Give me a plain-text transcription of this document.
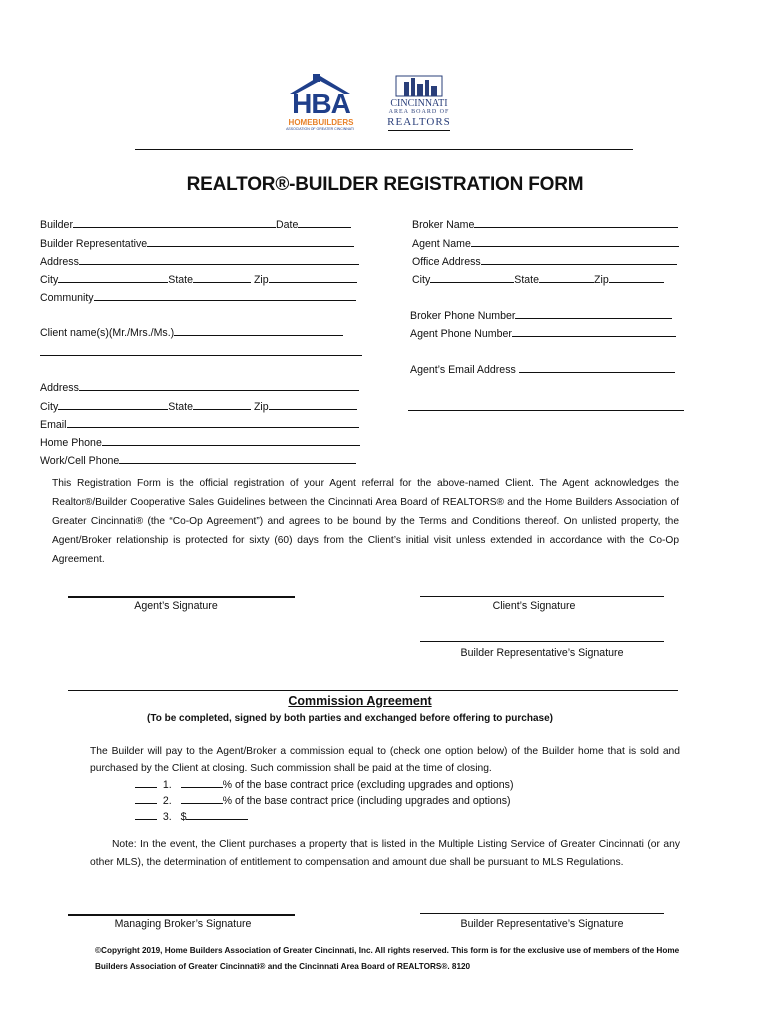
HBA
HOMEBUILDERS
ASSOCIATION OF GREATER CINCINNATI
CINCINNATI
AREA BOARD OF
REALTORS
REALTOR®-BUILDER REGISTRATION FORM
Builder	Date
Builder Representative
Address
City	State	Zip
Community
Client name(s)(Mr./Mrs./Ms.)
Address
City	State	Zip
Email
Home Phone
Work/Cell Phone
Broker Name
Agent Name
Office Address
City	State	Zip
Broker Phone Number
Agent Phone Number
Agent’s Email Address
This Registration Form is the official registration of your Agent referral for the above-named Client. The Agent acknowledges the Realtor®/Builder Cooperative Sales Guidelines between the Cincinnati Area Board of REALTORS® and the Home Builders Association of Greater Cincinnati® (the “Co-Op Agreement”) and agrees to be bound by the Terms and Conditions thereof. On unlisted property, the Agent/Broker relationship is protected for sixty (60) days from the Client’s initial visit unless extended in accordance with the Co-Op Agreement.
Agent’s Signature	Client’s Signature
Builder Representative’s Signature
Commission Agreement
(To be completed, signed by both parties and exchanged before offering to purchase)
The Builder will pay to the Agent/Broker a commission equal to (check one option below) of the Builder home that is sold and purchased by the Client at closing. Such commission shall be paid at the time of closing.
1.	% of the base contract price (excluding upgrades and options)
2.	% of the base contract price (including upgrades and options)
3. $
Note: In the event, the Client purchases a property that is listed in the Multiple Listing Service of Greater Cincinnati (or any other MLS), the determination of entitlement to compensation and amount due shall be pursuant to MLS Regulations.
Managing Broker’s Signature	Builder Representative’s Signature
©Copyright 2019, Home Builders Association of Greater Cincinnati, Inc. All rights reserved. This form is for the exclusive use of members of the Home Builders Association of Greater Cincinnati® and the Cincinnati Area Board of REALTORS®. 8120
